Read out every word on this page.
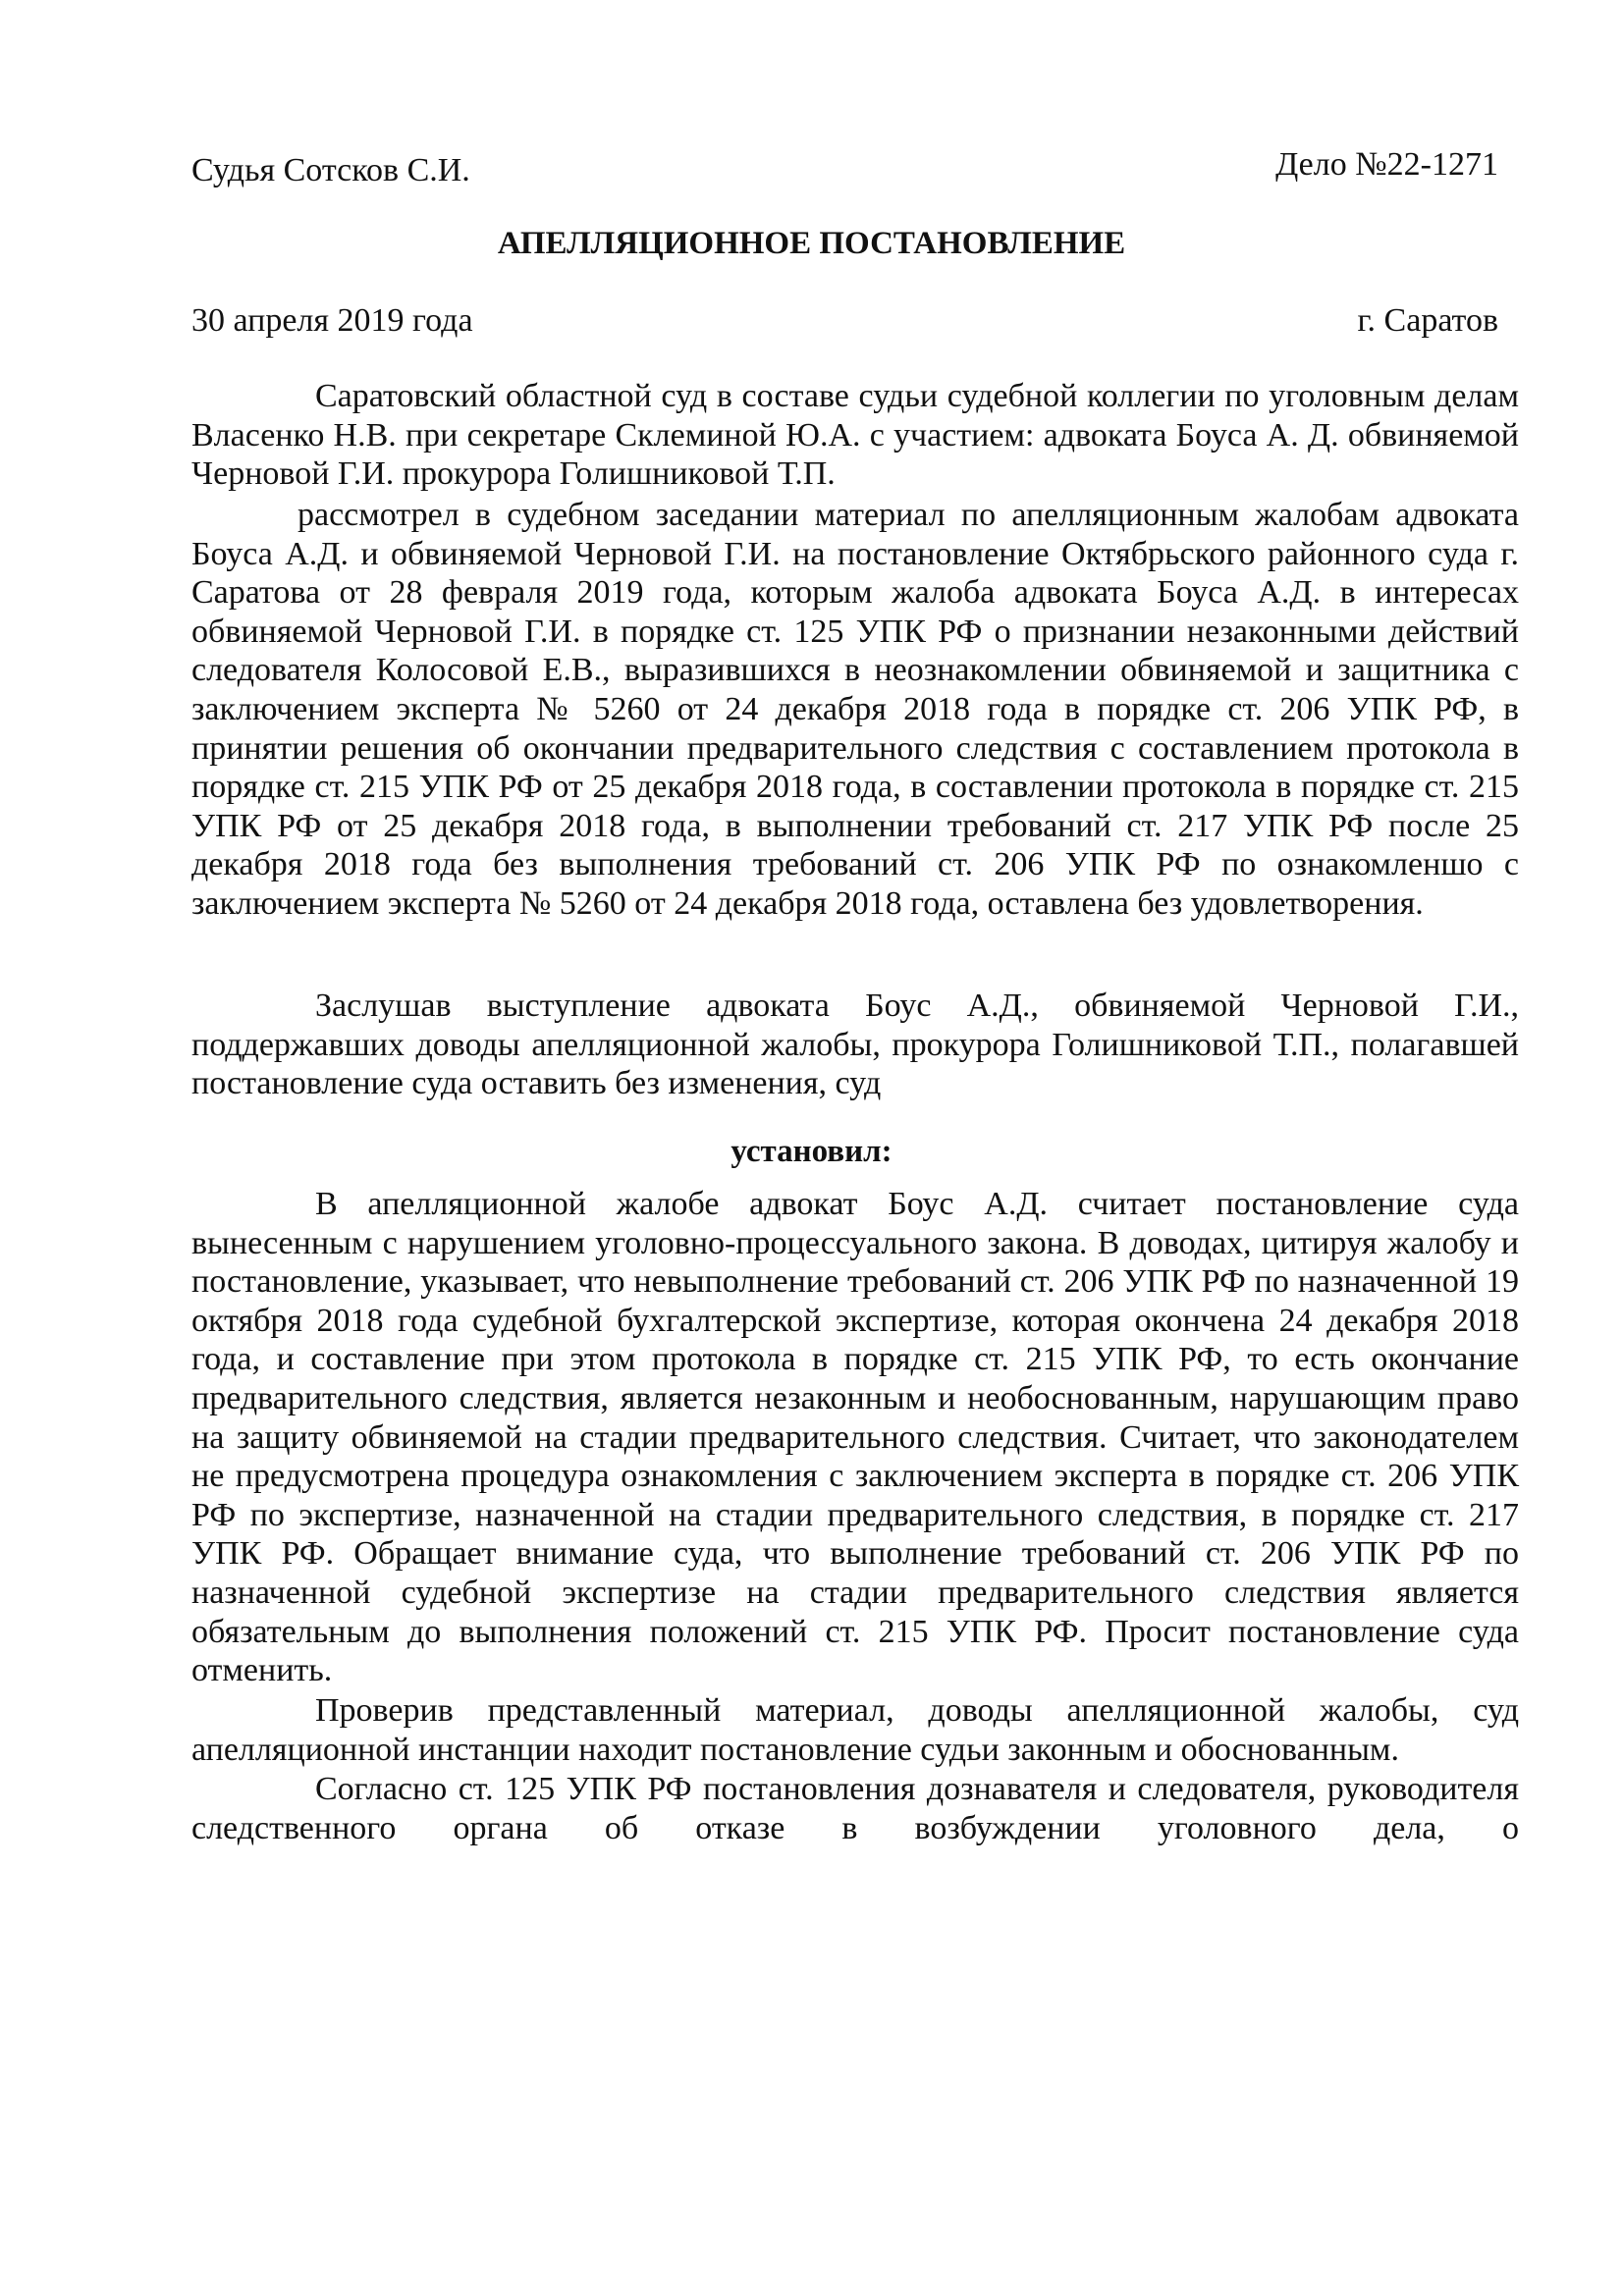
Судья Сотсков С.И.	Дело №22-1271
АПЕЛЛЯЦИОННОЕ ПОСТАНОВЛЕНИЕ
30 апреля 2019 года	г. Саратов
Саратовский областной суд в составе судьи судебной коллегии по уголовным делам Власенко Н.В. при секретаре Склеминой Ю.А. с участием: адвоката Боуса А. Д. обвиняемой Черновой Г.И. прокурора Голишниковой Т.П.
рассмотрел в судебном заседании материал по апелляционным жалобам адвоката Боуса А.Д. и обвиняемой Черновой Г.И. на постановление Октябрьского районного суда г. Саратова от 28 февраля 2019 года, которым жалоба адвоката Боуса А.Д. в интересах обвиняемой Черновой Г.И. в порядке ст. 125 УПК РФ о признании незаконными действий следователя Колосовой Е.В., выразившихся в неознакомлении обвиняемой и защитника с заключением эксперта № 5260 от 24 декабря 2018 года в порядке ст. 206 УПК РФ, в принятии решения об окончании предварительного следствия с составлением протокола в порядке ст. 215 УПК РФ от 25 декабря 2018 года, в составлении протокола в порядке ст. 215 УПК РФ от 25 декабря 2018 года, в выполнении требований ст. 217 УПК РФ после 25 декабря 2018 года без выполнения требований ст. 206 УПК РФ по ознакомленшо с заключением эксперта № 5260 от 24 декабря 2018 года, оставлена без удовлетворения.
Заслушав выступление адвоката Боус А.Д., обвиняемой Черновой Г.И., поддержавших доводы апелляционной жалобы, прокурора Голишниковой Т.П., полагавшей постановление суда оставить без изменения, суд
установил:
В апелляционной жалобе адвокат Боус А.Д. считает постановление суда вынесенным с нарушением уголовно-процессуального закона. В доводах, цитируя жалобу и постановление, указывает, что невыполнение требований ст. 206 УПК РФ по назначенной 19 октября 2018 года судебной бухгалтерской экспертизе, которая окончена 24 декабря 2018 года, и составление при этом протокола в порядке ст. 215 УПК РФ, то есть окончание предварительного следствия, является незаконным и необоснованным, нарушающим право на защиту обвиняемой на стадии предварительного следствия. Считает, что законодателем не предусмотрена процедура ознакомления с заключением эксперта в порядке ст. 206 УПК РФ по экспертизе, назначенной на стадии предварительного следствия, в порядке ст. 217 УПК РФ. Обращает внимание суда, что выполнение требований ст. 206 УПК РФ по назначенной судебной экспертизе на стадии предварительного следствия является обязательным до выполнения положений ст. 215 УПК РФ. Просит постановление суда отменить.
Проверив представленный материал, доводы апелляционной жалобы, суд апелляционной инстанции находит постановление судьи законным и обоснованным.
Согласно ст. 125 УПК РФ постановления дознавателя и следователя, руководителя следственного органа об отказе в возбуждении уголовного дела, о
